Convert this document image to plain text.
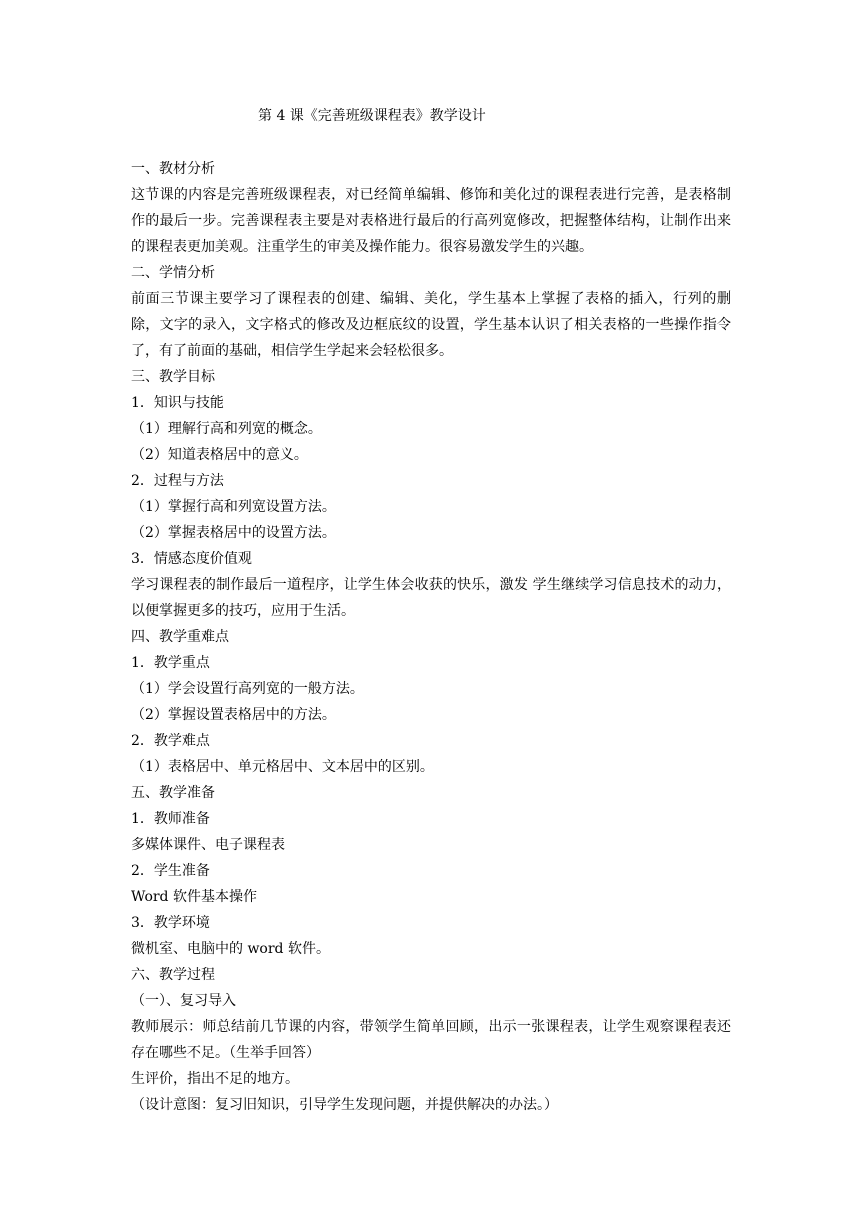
第 4 课《完善班级课程表》教学设计

一、教材分析

这节课的内容是完善班级课程表，对已经简单编辑、修饰和美化过的课程表进行完善，是表格制作的最后一步。完善课程表主要是对表格进行最后的行高列宽修改，把握整体结构，让制作出来的课程表更加美观。注重学生的审美及操作能力。很容易激发学生的兴趣。

二、学情分析

前面三节课主要学习了课程表的创建、编辑、美化，学生基本上掌握了表格的插入，行列的删除，文字的录入，文字格式的修改及边框底纹的设置，学生基本认识了相关表格的一些操作指令了，有了前面的基础，相信学生学起来会轻松很多。

三、教学目标

1．知识与技能

（1）理解行高和列宽的概念。

（2）知道表格居中的意义。

2．过程与方法

（1）掌握行高和列宽设置方法。

（2）掌握表格居中的设置方法。

3．情感态度价值观

学习课程表的制作最后一道程序，让学生体会收获的快乐，激发 学生继续学习信息技术的动力，以便掌握更多的技巧，应用于生活。

四、教学重难点

1．教学重点

（1）学会设置行高列宽的一般方法。

（2）掌握设置表格居中的方法。

2．教学难点

（1）表格居中、单元格居中、文本居中的区别。

五、教学准备

1．教师准备

多媒体课件、电子课程表

2．学生准备

Word 软件基本操作

3．教学环境

微机室、电脑中的 word 软件。

六、教学过程

（一）、复习导入

教师展示：师总结前几节课的内容，带领学生简单回顾，出示一张课程表，让学生观察课程表还存在哪些不足。（生举手回答）

生评价，指出不足的地方。

（设计意图：复习旧知识，引导学生发现问题，并提供解决的办法。）
